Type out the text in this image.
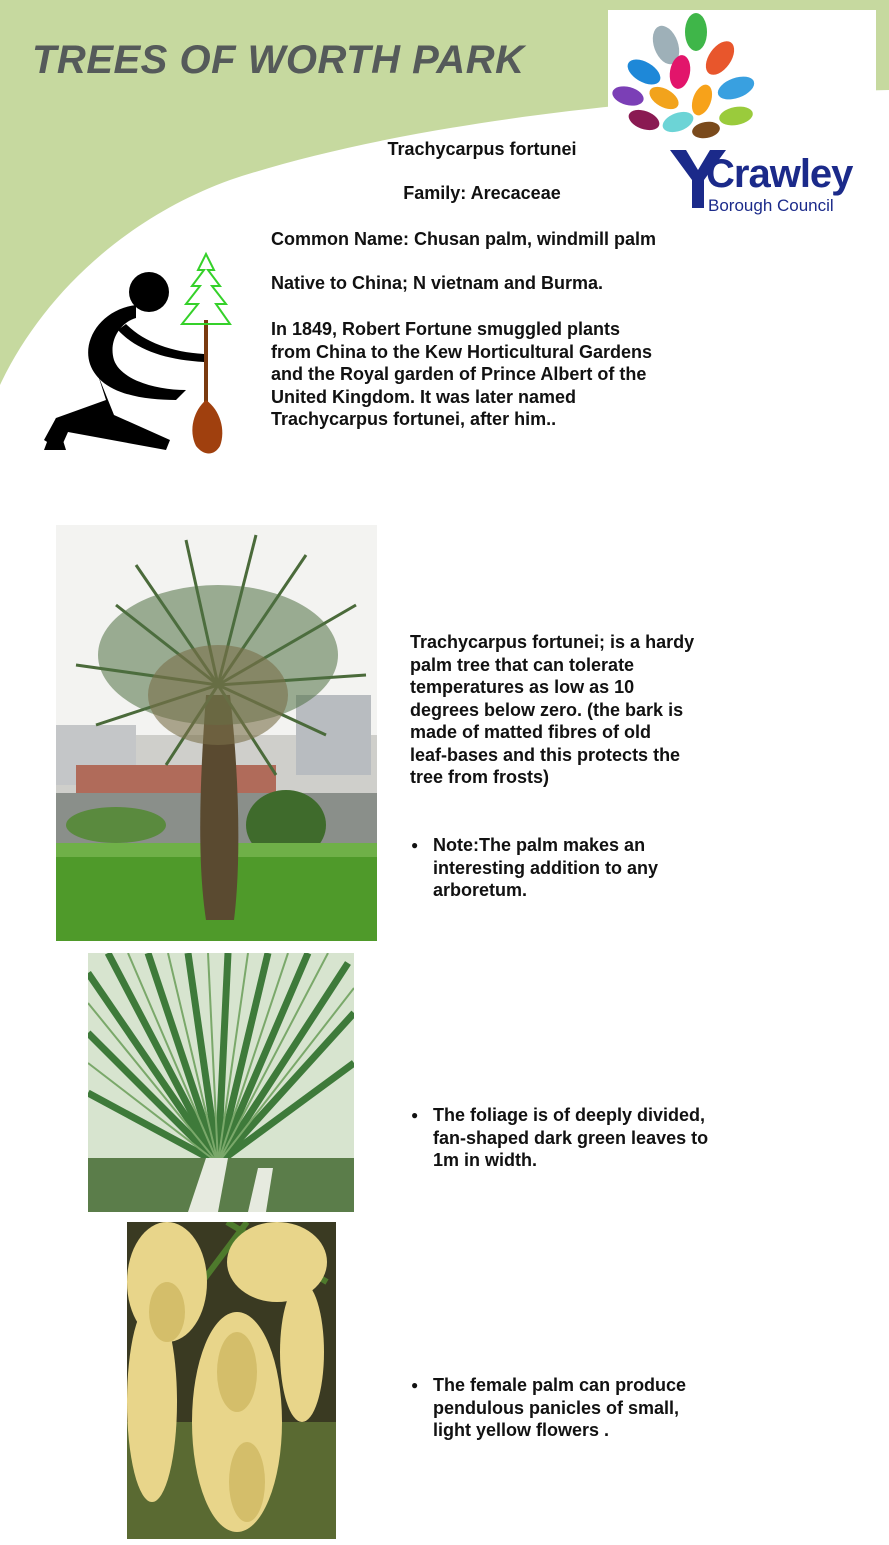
TREES OF WORTH PARK
Crawley
Borough Council

Trachycarpus fortunei

Family: Arecaceae

Common Name: Chusan palm, windmill palm

Native to China; N vietnam and Burma.

In 1849, Robert Fortune smuggled plants
from China to the Kew Horticultural Gardens
and the Royal garden of Prince Albert of the
United Kingdom. It was later named
Trachycarpus fortunei, after him..
Trachycarpus fortunei; is a hardy
palm tree that can tolerate
temperatures as low as 10
degrees below zero. (the bark is
made of matted fibres of old
leaf-bases and this protects the
tree from frosts)
● Note:The palm makes an
interesting addition to any
arboretum.
● The foliage is of deeply divided,
fan-shaped dark green leaves to
1m in width.
● The female palm can produce
pendulous panicles of small,
light yellow flowers .
